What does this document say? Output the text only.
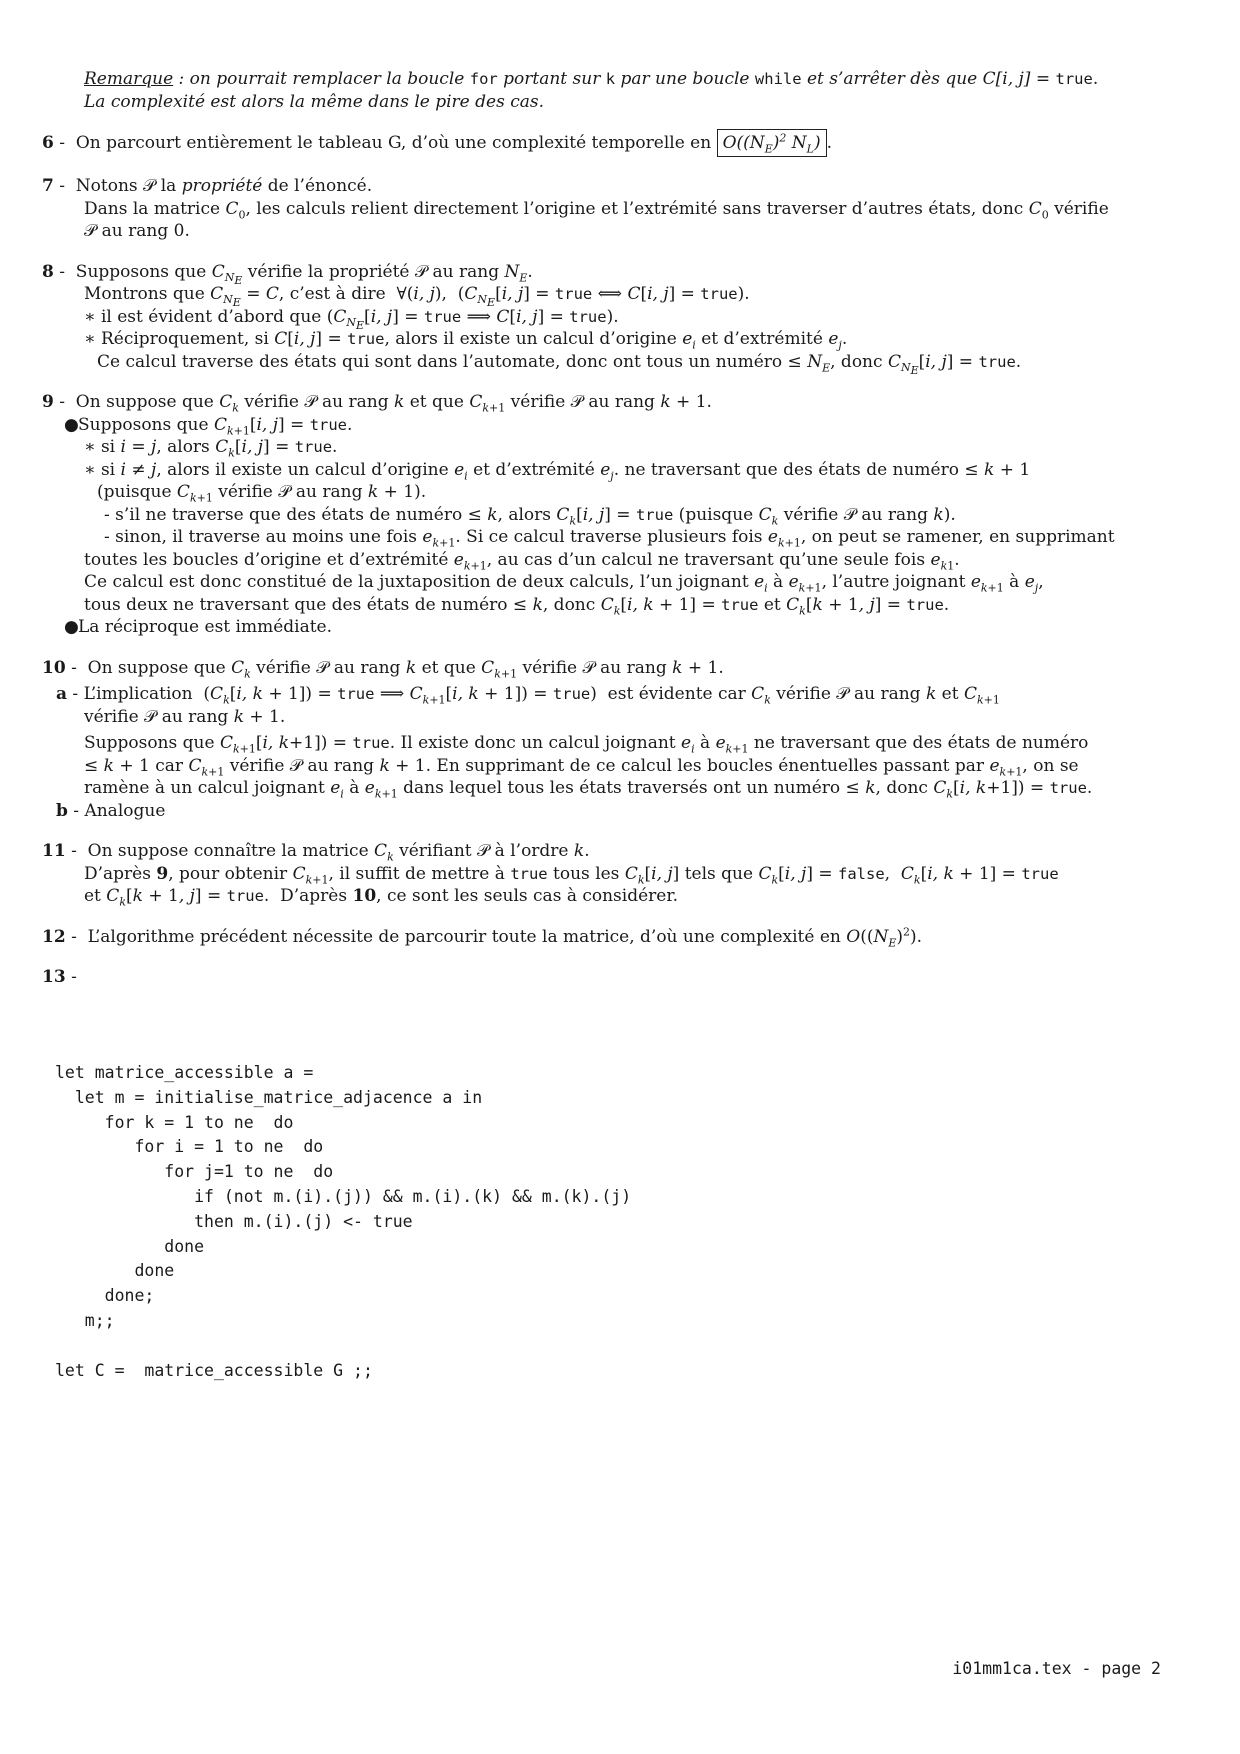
Remarque : on pourrait remplacer la boucle for portant sur k par une boucle while et s’arrêter dès que C[i, j] = true.

La complexité est alors la même dans le pire des cas.

6 -  On parcourt entièrement le tableau G, d’où une complexité temporelle en $O((N_E)^2$ $N_L$) .

7 -  Notons 𝒫 la propriété de l’énoncé.

Dans la matrice $C_0$, les calculs relient directement l’origine et l’extrémité sans traverser d’autres états, donc $C_0$ vérifie

𝒫 au rang 0.

8 -  Supposons que $C_{N_E}$ vérifie la propriété 𝒫 au rang $N_E$.

Montrons que $C_{N_E} = C$, c’est à dire  ∀(i, j),  ($C_{N_E}[i$, j] = true ⟺ C[i, j] = true).

∗ il est évident d’abord que ($C_{N_E}[i$, j] = true ⟹ C[i, j] = true).

∗ Réciproquement, si C[i, j] = true, alors il existe un calcul d’origine $e_i$ et d’extrémité $e_j$.

Ce calcul traverse des états qui sont dans l’automate, donc ont tous un numéro ≤ $N_E$, donc $C_{N_E}[i$, j] = true.

9 -  On suppose que $C_k$ vérifie 𝒫 au rang k et que $C_{k+1}$ vérifie 𝒫 au rang k + 1.

●Supposons que $C_{k+1}[i$, j] = true.

∗ si i = j, alors $C_k[i$, j] = true.

∗ si i ≠ j, alors il existe un calcul d’origine $e_i$ et d’extrémité $e_j$. ne traversant que des états de numéro ≤ k + 1

(puisque $C_{k+1}$ vérifie 𝒫 au rang k + 1).

- s’il ne traverse que des états de numéro ≤ k, alors $C_k[i$, j] = true (puisque $C_k$ vérifie 𝒫 au rang k).

- sinon, il traverse au moins une fois $e_{k+1}$. Si ce calcul traverse plusieurs fois $e_{k+1}$, on peut se ramener, en supprimant

toutes les boucles d’origine et d’extrémité $e_{k+1}$, au cas d’un calcul ne traversant qu’une seule fois $e_{k1}$.

Ce calcul est donc constitué de la juxtaposition de deux calculs, l’un joignant $e_i$ à $e_{k+1}$, l’autre joignant $e_{k+1}$ à $e_j$,

tous deux ne traversant que des états de numéro ≤ k, donc $C_k[i$, k + 1] = true et $C_k[k + 1$, j] = true.

●La réciproque est immédiate.

10 -  On suppose que $C_k$ vérifie 𝒫 au rang k et que $C_{k+1}$ vérifie 𝒫 au rang k + 1.

a - L’implication  ($C_k[i$, k + 1]) = true ⟹ $C_{k+1}[i$, k + 1]) = true)  est évidente car $C_k$ vérifie 𝒫 au rang k et $C_{k+1}$

vérifie 𝒫 au rang k + 1.

Supposons que $C_{k+1}[i$, k+1]) = true. Il existe donc un calcul joignant $e_i$ à $e_{k+1}$ ne traversant que des états de numéro

≤ k + 1 car $C_{k+1}$ vérifie 𝒫 au rang k + 1. En supprimant de ce calcul les boucles énentuelles passant par $e_{k+1}$, on se

ramène à un calcul joignant $e_i$ à $e_{k+1}$ dans lequel tous les états traversés ont un numéro ≤ k, donc $C_k[i$, k+1]) = true.

b - Analogue

11 -  On suppose connaître la matrice $C_k$ vérifiant 𝒫 à l’ordre k.

D’après 9, pour obtenir $C_{k+1}$, il suffit de mettre à true tous les $C_k[i$, j] tels que $C_k[i$, j] = false,  $C_k[i$, k + 1] = true

et $C_k[k + 1$, j] = true.  D’après 10, ce sont les seuls cas à considérer.

12 -  L’algorithme précédent nécessite de parcourir toute la matrice, d’où une complexité en $O((N_E)^2)$.

13 -

let matrice_accessible a =
let m = initialise_matrice_adjacence a in
for k = 1 to ne  do
for i = 1 to ne  do
for j=1 to ne  do
if (not m.(i).(j)) && m.(i).(k) && m.(k).(j)
then m.(i).(j) <- true
done
done
done;
m;;

let C =  matrice_accessible G ;;
i01mm1ca.tex - page 2
